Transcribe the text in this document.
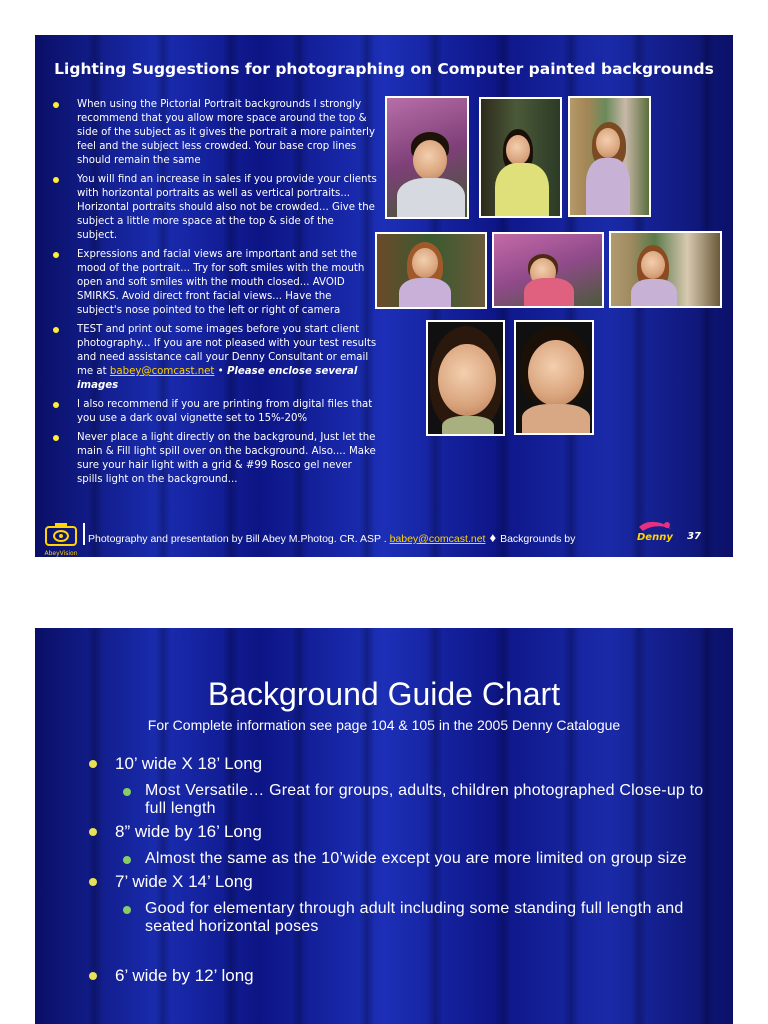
Lighting Suggestions for photographing on Computer painted backgrounds
When using the Pictorial Portrait backgrounds I strongly recommend that you allow more space around the top & side of the subject as it gives the portrait a more painterly feel and the subject less crowded. Your base crop lines should remain the same
You will find an increase in sales if you provide your clients with horizontal portraits as well as vertical portraits... Horizontal portraits should also not be crowded... Give the subject a little more space at the top & side of the subject.
Expressions and facial views are important and set the mood of the portrait... Try for soft smiles with the mouth open and soft smiles with the mouth closed... AVOID SMIRKS. Avoid direct front facial views... Have the subject's nose pointed to the left or right of camera
TEST and print out some images before you start client photography... If you are not pleased with your test results and need assistance call your Denny Consultant or email me at babey@comcast.net • Please enclose several images
I also recommend if you are printing from digital files that you use a dark oval vignette set to 15%-20%
Never place a light directly on the background, Just let the main & Fill light spill over on the background. Also.... Make sure your hair light with a grid & #99 Rosco gel never spills light on the background...
AbeyVision
Photography and presentation by Bill Abey M.Photog. CR. ASP . babey@comcast.net ♦ Backgrounds by	Denny 37
Background Guide Chart
For Complete information see page 104 & 105 in the 2005 Denny Catalogue
10’ wide X 18’ Long
Most Versatile… Great for groups, adults, children photographed Close-up to full length
8” wide by 16’ Long
Almost the same as the 10’wide except you are more limited on group size
7’ wide X 14’ Long
Good for elementary through adult including some standing full length and seated horizontal poses
6’ wide by 12’ long
